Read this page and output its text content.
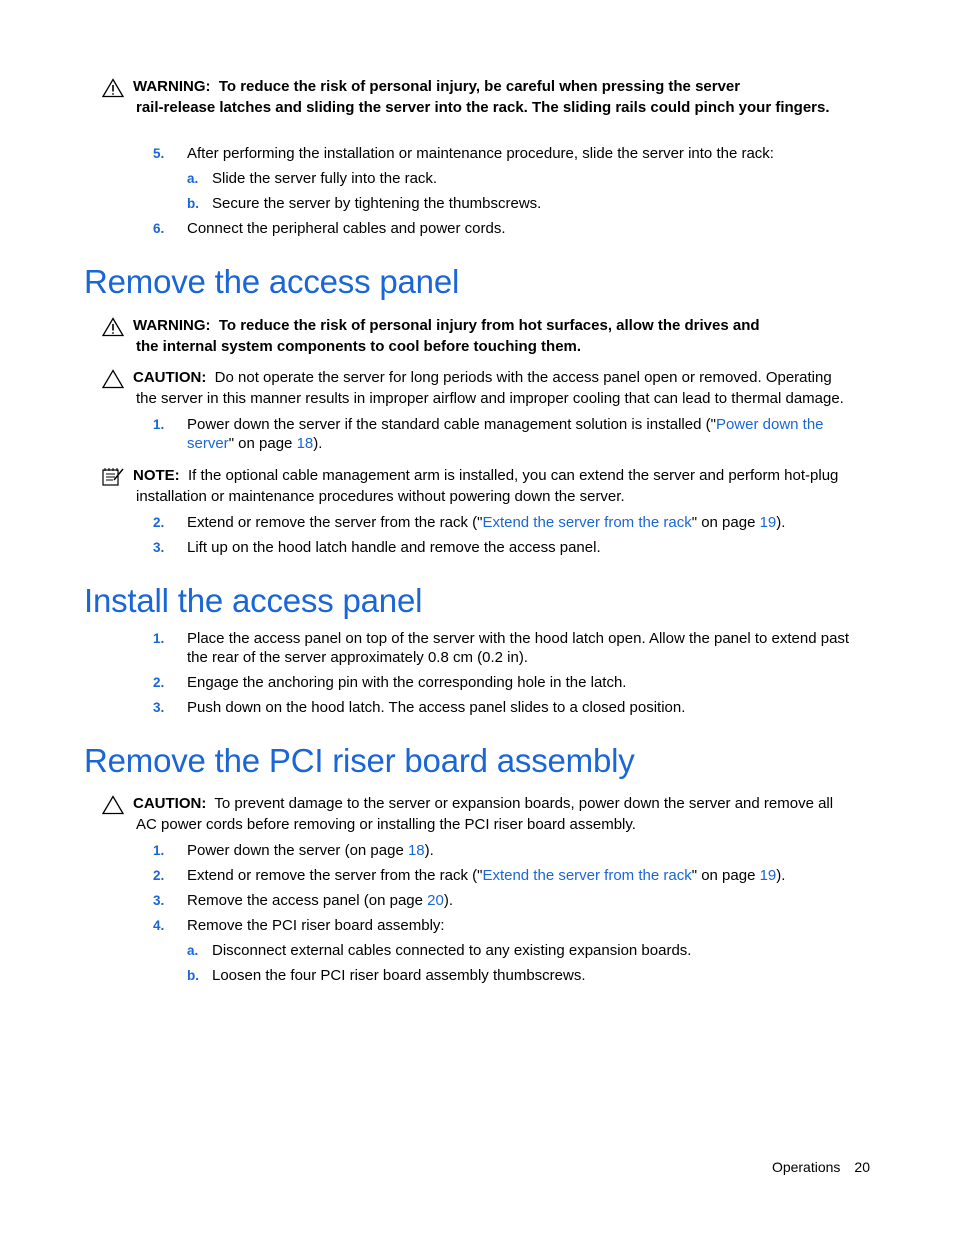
WARNING: To reduce the risk of personal injury, be careful when pressing the server
rail-release latches and sliding the server into the rack. The sliding rails could pinch your fingers.
5.	After performing the installation or maintenance procedure, slide the server into the rack:
a. Slide the server fully into the rack.
b. Secure the server by tightening the thumbscrews.
6.	Connect the peripheral cables and power cords.
Remove the access panel
WARNING: To reduce the risk of personal injury from hot surfaces, allow the drives and
the internal system components to cool before touching them.
CAUTION: Do not operate the server for long periods with the access panel open or removed. Operating
the server in this manner results in improper airflow and improper cooling that can lead to thermal damage.
1.	Power down the server if the standard cable management solution is installed ("Power down the server" on page 18).
NOTE: If the optional cable management arm is installed, you can extend the server and perform hot-plug
installation or maintenance procedures without powering down the server.
2.	Extend or remove the server from the rack ("Extend the server from the rack" on page 19).
3.	Lift up on the hood latch handle and remove the access panel.
Install the access panel
1.	Place the access panel on top of the server with the hood latch open. Allow the panel to extend past the rear of the server approximately 0.8 cm (0.2 in).
2.	Engage the anchoring pin with the corresponding hole in the latch.
3.	Push down on the hood latch. The access panel slides to a closed position.
Remove the PCI riser board assembly
CAUTION: To prevent damage to the server or expansion boards, power down the server and remove all
AC power cords before removing or installing the PCI riser board assembly.
1.	Power down the server (on page 18).
2.	Extend or remove the server from the rack ("Extend the server from the rack" on page 19).
3.	Remove the access panel (on page 20).
4.	Remove the PCI riser board assembly:
a. Disconnect external cables connected to any existing expansion boards.
b. Loosen the four PCI riser board assembly thumbscrews.
Operations 20
